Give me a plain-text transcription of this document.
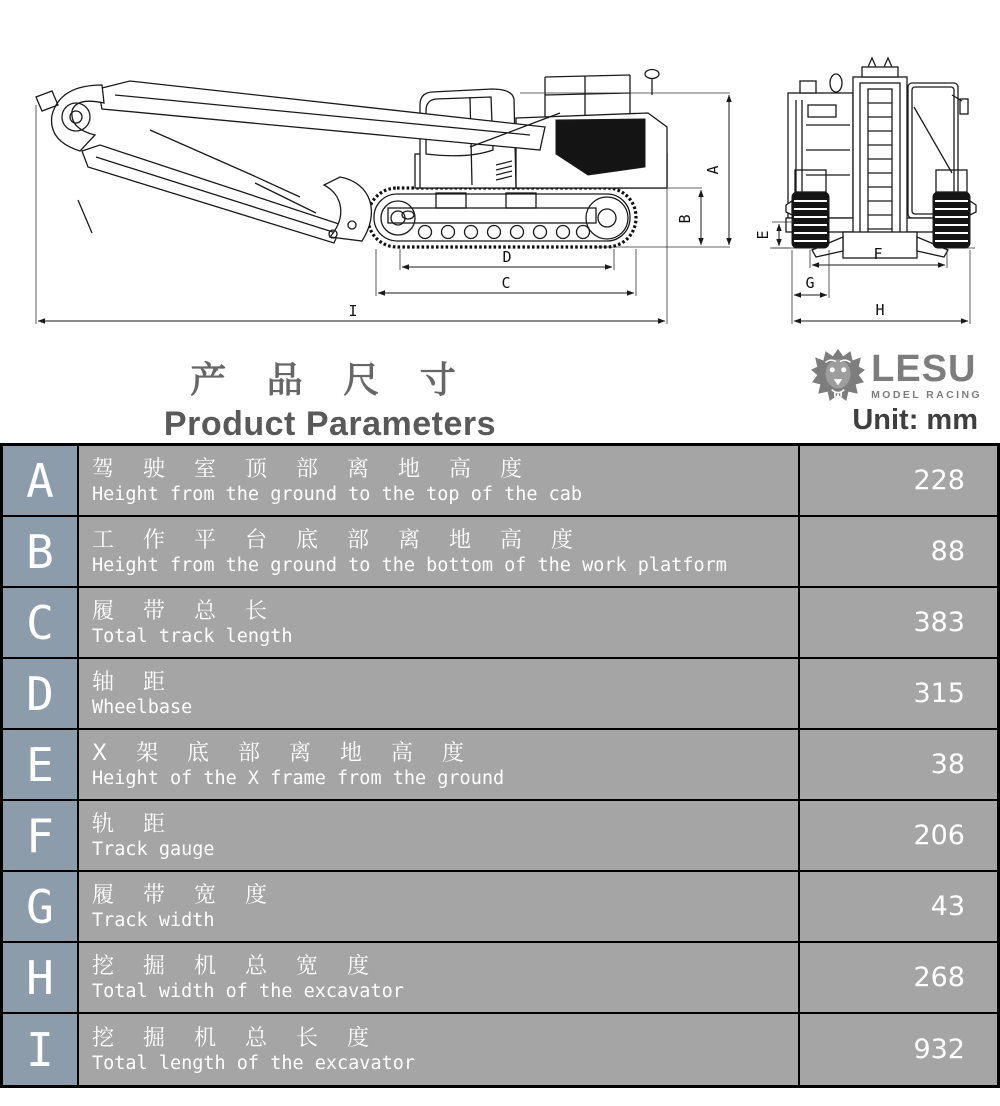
A
B
D
C
I
E
F
G
H
产 品 尺 寸
Product Parameters
LESU
MODEL RACING
Unit: mm
A	驾 驶 室 顶 部 离 地 高 度
Height from the ground to the top of the cab	228
B	工 作 平 台 底 部 离 地 高 度
Height from the ground to the bottom of the work platform	88
C	履 带 总 长
Total track length	383
D	轴 距
Wheelbase	315
E	X 架 底 部 离 地 高 度
Height of the X frame from the ground	38
F	轨 距
Track gauge	206
G	履 带 宽 度
Track width	43
H	挖 掘 机 总 宽 度
Total width of the excavator	268
I	挖 掘 机 总 长 度
Total length of the excavator	932
